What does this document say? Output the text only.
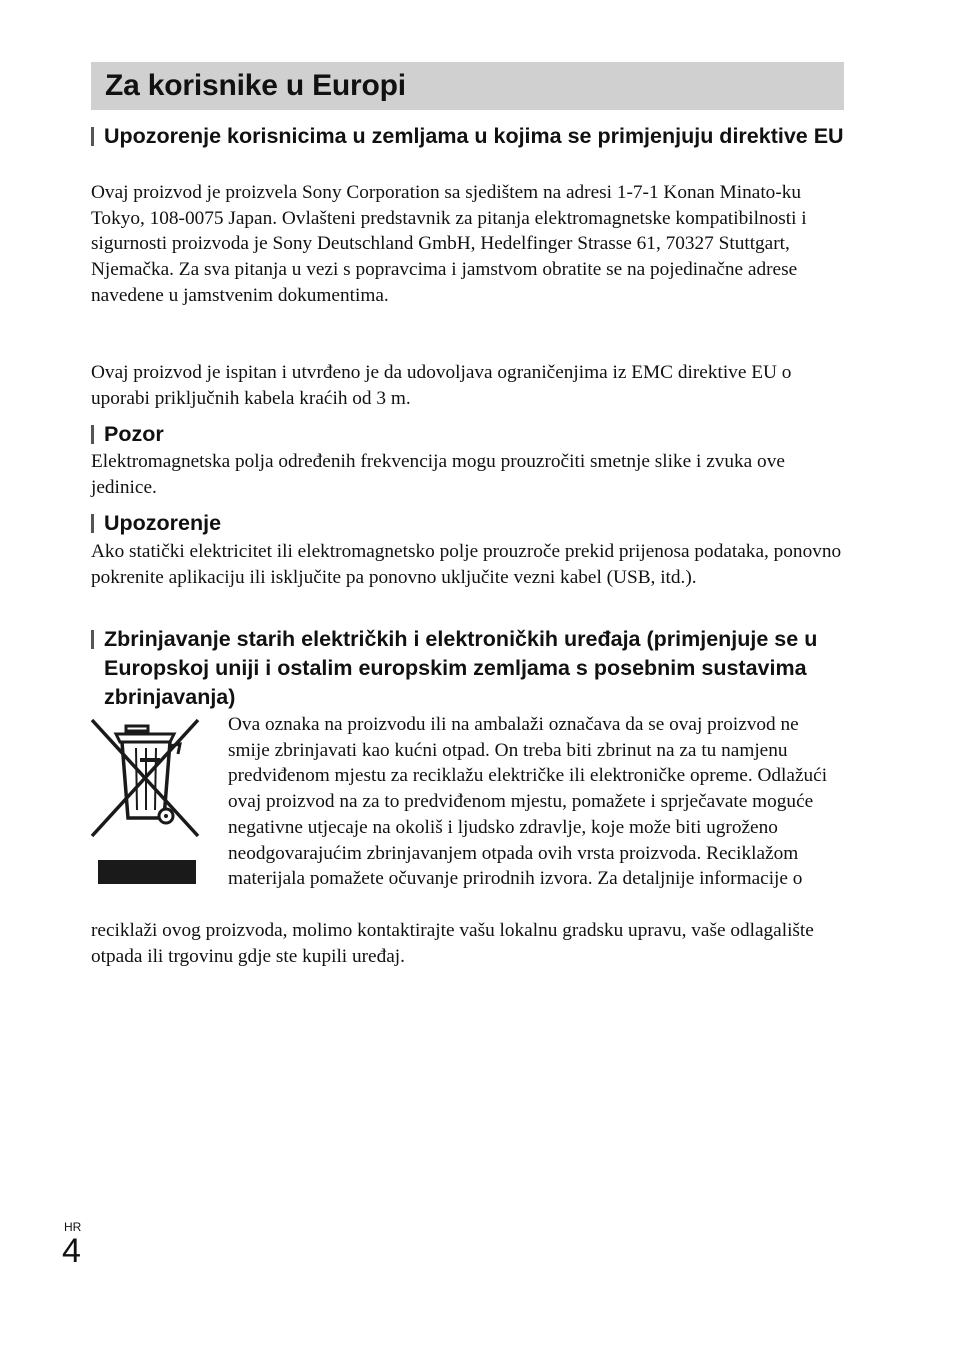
Za korisnike u Europi
Upozorenje korisnicima u zemljama u kojima se primjenjuju direktive EU

Ovaj proizvod je proizvela Sony Corporation sa sjedištem na adresi 1-7-1 Konan Minato-ku Tokyo, 108-0075 Japan. Ovlašteni predstavnik za pitanja elektromagnetske kompatibilnosti i sigurnosti proizvoda je Sony Deutschland GmbH, Hedelfinger Strasse 61, 70327 Stuttgart, Njemačka. Za sva pitanja u vezi s popravcima i jamstvom obratite se na pojedinačne adrese navedene u jamstvenim dokumentima.

Ovaj proizvod je ispitan i utvrđeno je da udovoljava ograničenjima iz EMC direktive EU o uporabi priključnih kabela kraćih od 3 m.

Pozor

Elektromagnetska polja određenih frekvencija mogu prouzročiti smetnje slike i zvuka ove jedinice.

Upozorenje

Ako statički elektricitet ili elektromagnetsko polje prouzroče prekid prijenosa podataka, ponovno pokrenite aplikaciju ili isključite pa ponovno uključite vezni kabel (USB, itd.).

Zbrinjavanje starih električkih i elektroničkih uređaja (primjenjuje se u Europskoj uniji i ostalim europskim zemljama s posebnim sustavima zbrinjavanja)

Ova oznaka na proizvodu ili na ambalaži označava da se ovaj proizvod ne smije zbrinjavati kao kućni otpad. On treba biti zbrinut na za tu namjenu predviđenom mjestu za reciklažu električke ili elektroničke opreme. Odlažući ovaj proizvod na za to predviđenom mjestu, pomažete i sprječavate moguće negativne utjecaje na okoliš i ljudsko zdravlje, koje može biti ugroženo neodgovarajućim zbrinjavanjem otpada ovih vrsta proizvoda. Reciklažom materijala pomažete očuvanje prirodnih izvora. Za detaljnije informacije o

reciklaži ovog proizvoda, molimo kontaktirajte vašu lokalnu gradsku upravu, vaše odlagalište otpada ili trgovinu gdje ste kupili uređaj.

HR
4
